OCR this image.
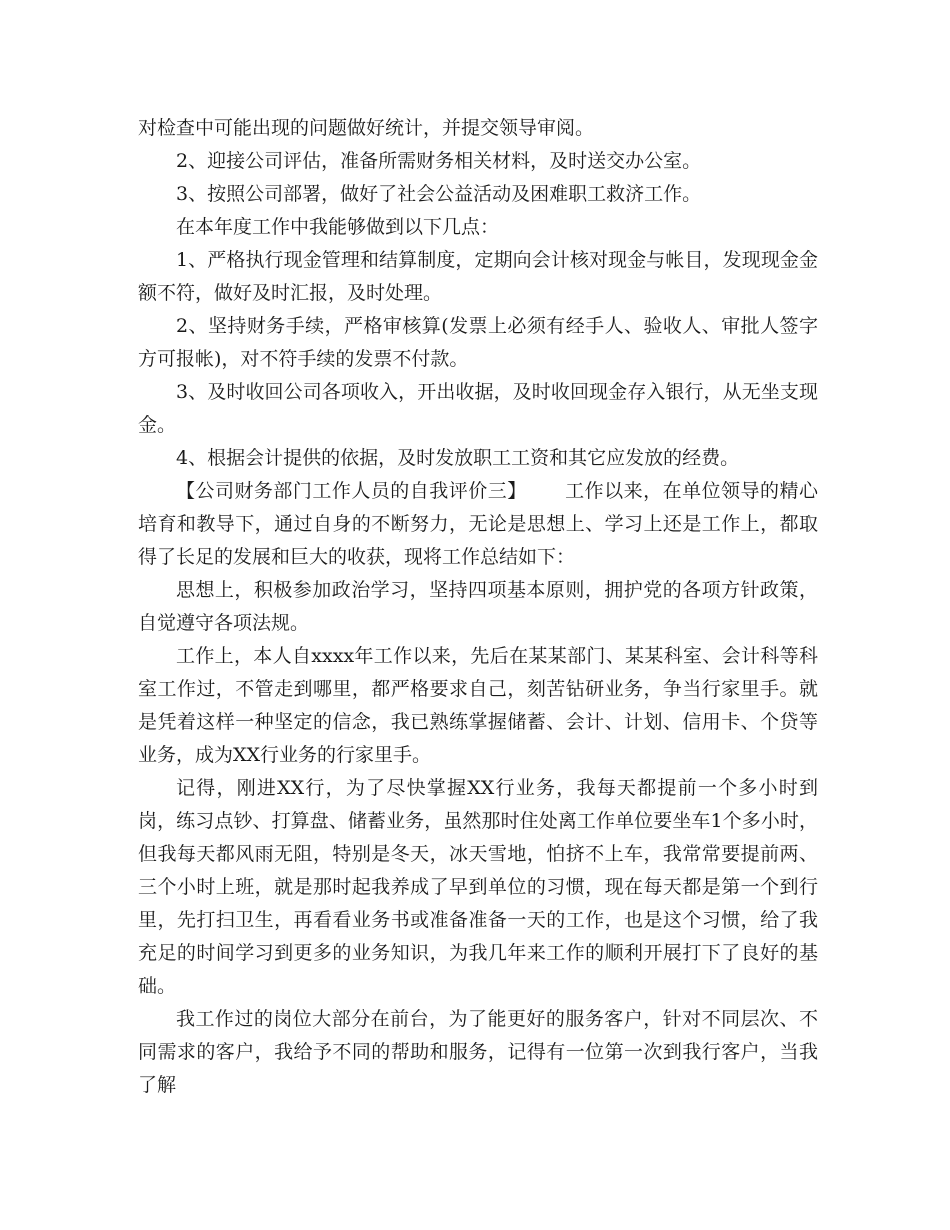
对检查中可能出现的问题做好统计，并提交领导审阅。

2、迎接公司评估，准备所需财务相关材料，及时送交办公室。

3、按照公司部署，做好了社会公益活动及困难职工救济工作。

在本年度工作中我能够做到以下几点：

1、严格执行现金管理和结算制度，定期向会计核对现金与帐目，发现现金金额不符，做好及时汇报，及时处理。

2、坚持财务手续，严格审核算(发票上必须有经手人、验收人、审批人签字方可报帐)，对不符手续的发票不付款。

3、及时收回公司各项收入，开出收据，及时收回现金存入银行，从无坐支现金。

4、根据会计提供的依据，及时发放职工工资和其它应发放的经费。

【公司财务部门工作人员的自我评价三】 工作以来，在单位领导的精心培育和教导下，通过自身的不断努力，无论是思想上、学习上还是工作上，都取得了长足的发展和巨大的收获，现将工作总结如下：

思想上，积极参加政治学习，坚持四项基本原则，拥护党的各项方针政策，自觉遵守各项法规。

工作上，本人自xxxx年工作以来，先后在某某部门、某某科室、会计科等科室工作过，不管走到哪里，都严格要求自己，刻苦钻研业务，争当行家里手。就是凭着这样一种坚定的信念，我已熟练掌握储蓄、会计、计划、信用卡、个贷等业务，成为XX行业务的行家里手。

记得，刚进XX行，为了尽快掌握XX行业务，我每天都提前一个多小时到岗，练习点钞、打算盘、储蓄业务，虽然那时住处离工作单位要坐车1个多小时，但我每天都风雨无阻，特别是冬天，冰天雪地，怕挤不上车，我常常要提前两、三个小时上班，就是那时起我养成了早到单位的习惯，现在每天都是第一个到行里，先打扫卫生，再看看业务书或准备准备一天的工作，也是这个习惯，给了我充足的时间学习到更多的业务知识，为我几年来工作的顺利开展打下了良好的基础。

我工作过的岗位大部分在前台，为了能更好的服务客户，针对不同层次、不同需求的客户，我给予不同的帮助和服务，记得有一位第一次到我行客户，当我了解
